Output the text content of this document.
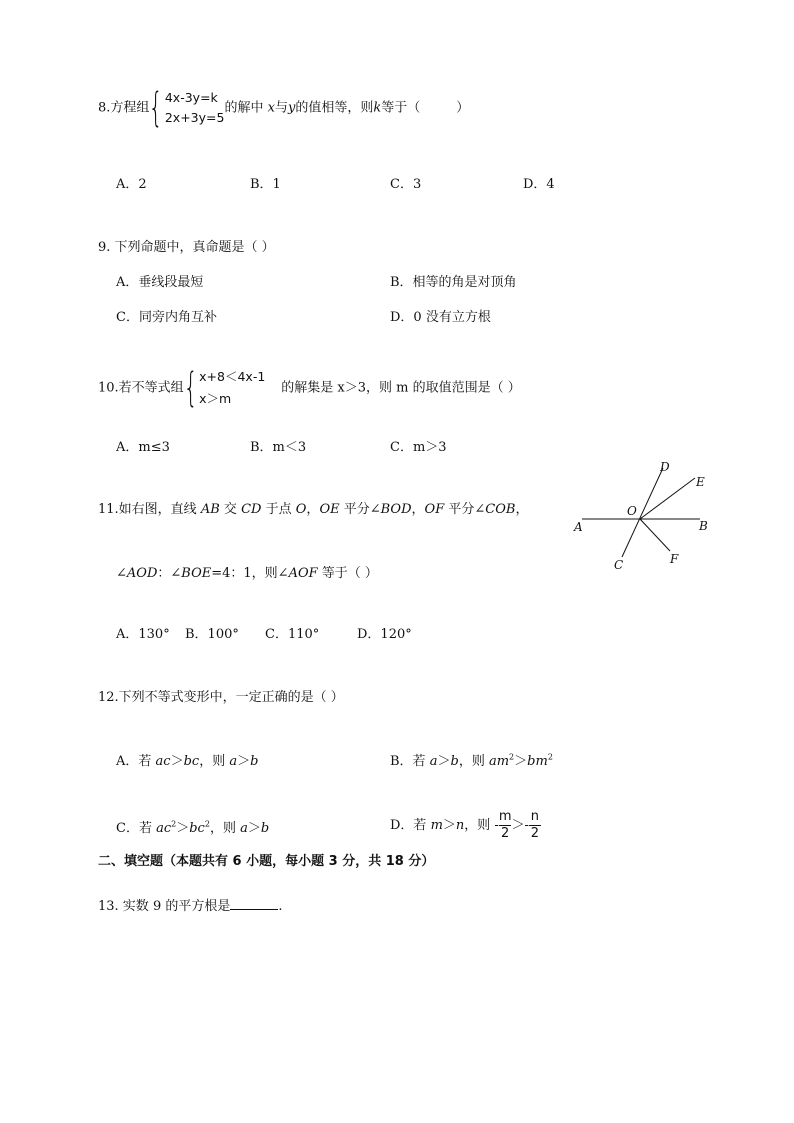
8.方程组 { 4x-3y=k
2x+3y=5
的解中 x与y的值相等，则k等于（	）
A．2	B．1	C．3	D．4
9. 下列命题中，真命题是（ ）
A．垂线段最短	B．相等的角是对顶角
C．同旁内角互补	D．0 没有立方根
10.若不等式组 { x+8＜4x-1
x＞m
的解集是 x＞3，则 m 的取值范围是（ ）
A．m≤3	B．m＜3	C．m＞3
11.如右图，直线 AB 交 CD 于点 O，OE 平分∠BOD，OF 平分∠COB，
∠AOD：∠BOE=4：1，则∠AOF 等于（ ）
A．130° B．100° C．110°	D．120°
A	B
O
D
E
C	F
12.下列不等式变形中，一定正确的是（ ）
A．若 ac＞bc，则 a＞b	B．若 a＞b，则 $am^2>bm^2$
C．若 $ac^2>bc^2$，则 a＞b	D．若 m＞n，则 - $\frac{m}{2} >- \frac{n}{2}$
二、填空题（本题共有 6 小题，每小题 3 分，共 18 分）
13. 实数 9 的平方根是	.
